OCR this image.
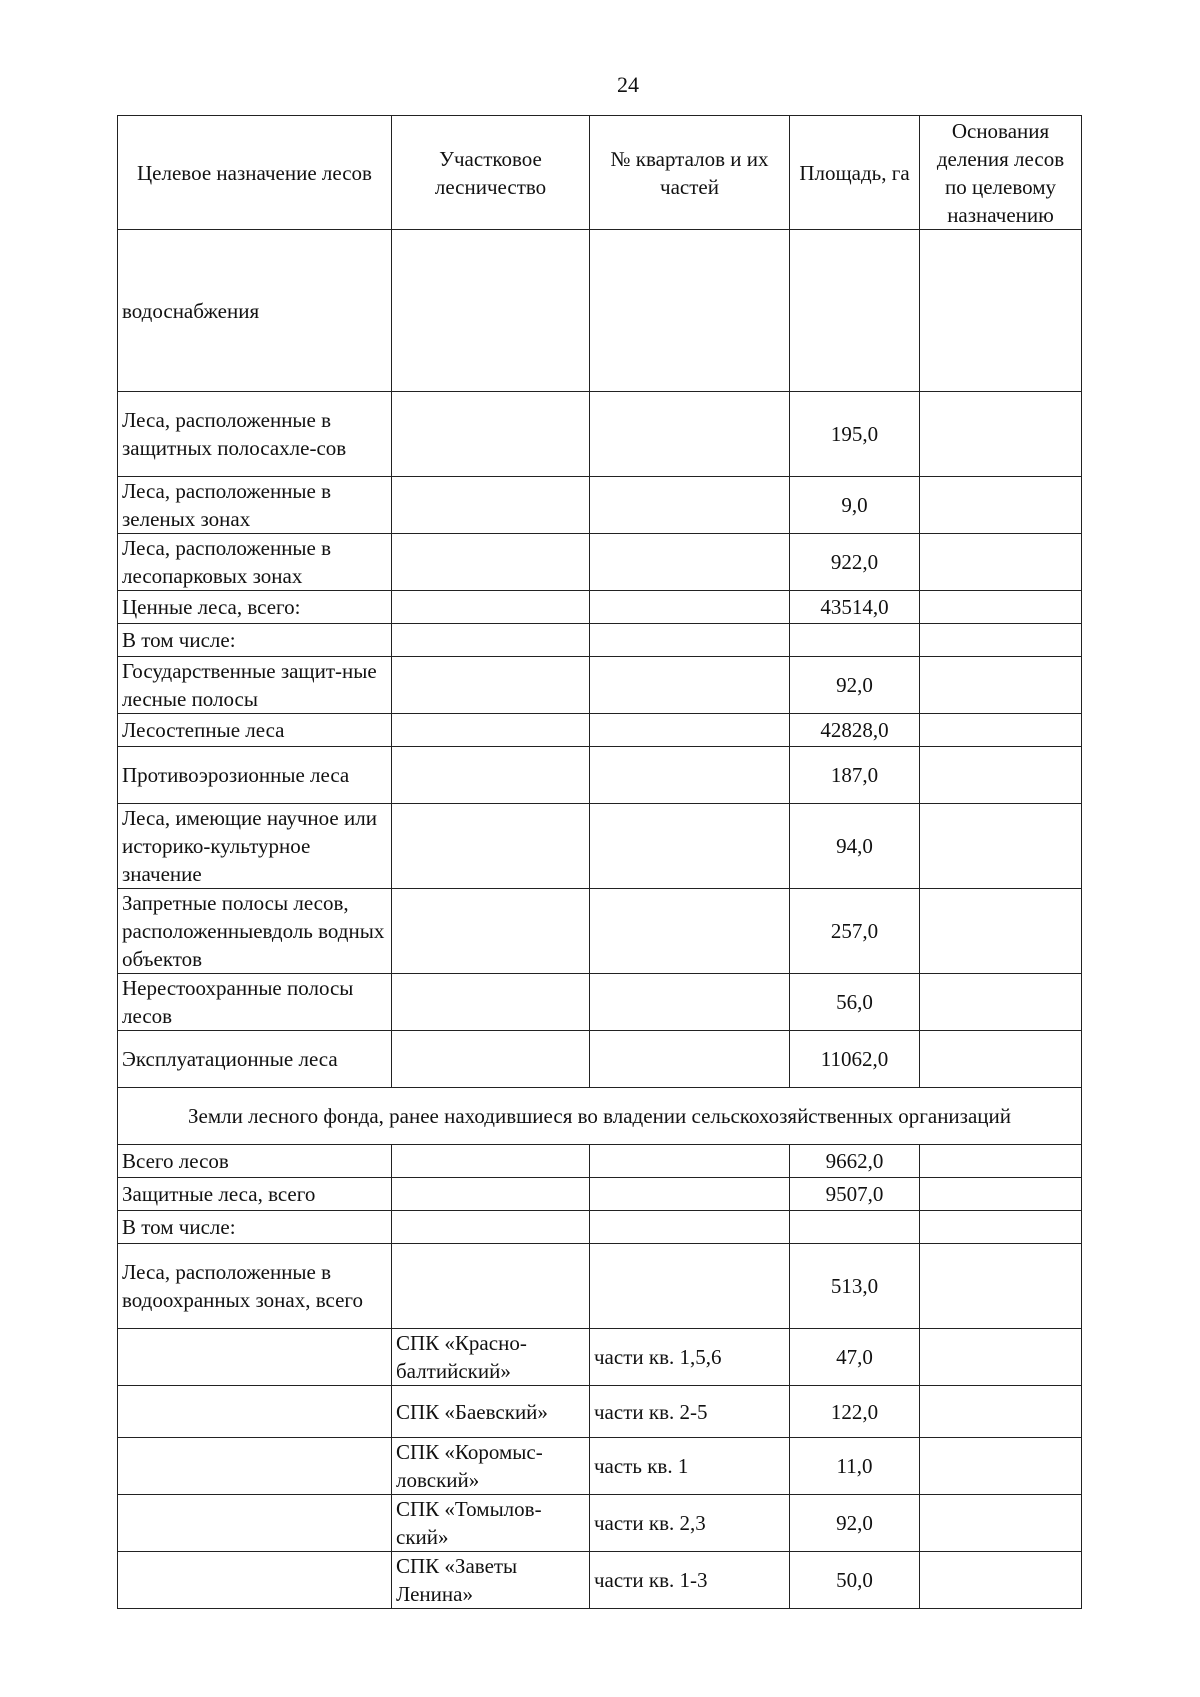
24
Целевое назначение лесов	Участковое лесничество	№ кварталов и их частей	Площадь, га	Основания деления лесов по целевому назначению
водоснабжения				
Леса, расположенные в защитных полосахле-сов			195,0	
Леса, расположенные в зеленых зонах			9,0	
Леса, расположенные в лесопарковых зонах			922,0	
Ценные леса, всего:			43514,0	
В том числе:				
Государственные защит-ные лесные полосы			92,0	
Лесостепные леса			42828,0	
Противоэрозионные леса			187,0	
Леса, имеющие научное или историко-культурное значение			94,0	
Запретные полосы лесов, расположенныевдоль водных объектов			257,0	
Нерестоохранные полосы лесов			56,0	
Эксплуатационные леса			11062,0	
Земли лесного фонда, ранее находившиеся во владении сельскохозяйственных организаций				
Всего лесов			9662,0	
Защитные леса, всего			9507,0	
В том числе:				
Леса, расположенные в водоохранных зонах, всего			513,0	
	СПК «Красно-балтийский»	части кв. 1,5,6	47,0	
	СПК «Баевский»	части кв. 2-5	122,0	
	СПК «Коромыс-ловский»	часть кв. 1	11,0	
	СПК «Томылов-ский»	части кв. 2,3	92,0	
	СПК «Заветы Ленина»	части кв. 1-3	50,0	
